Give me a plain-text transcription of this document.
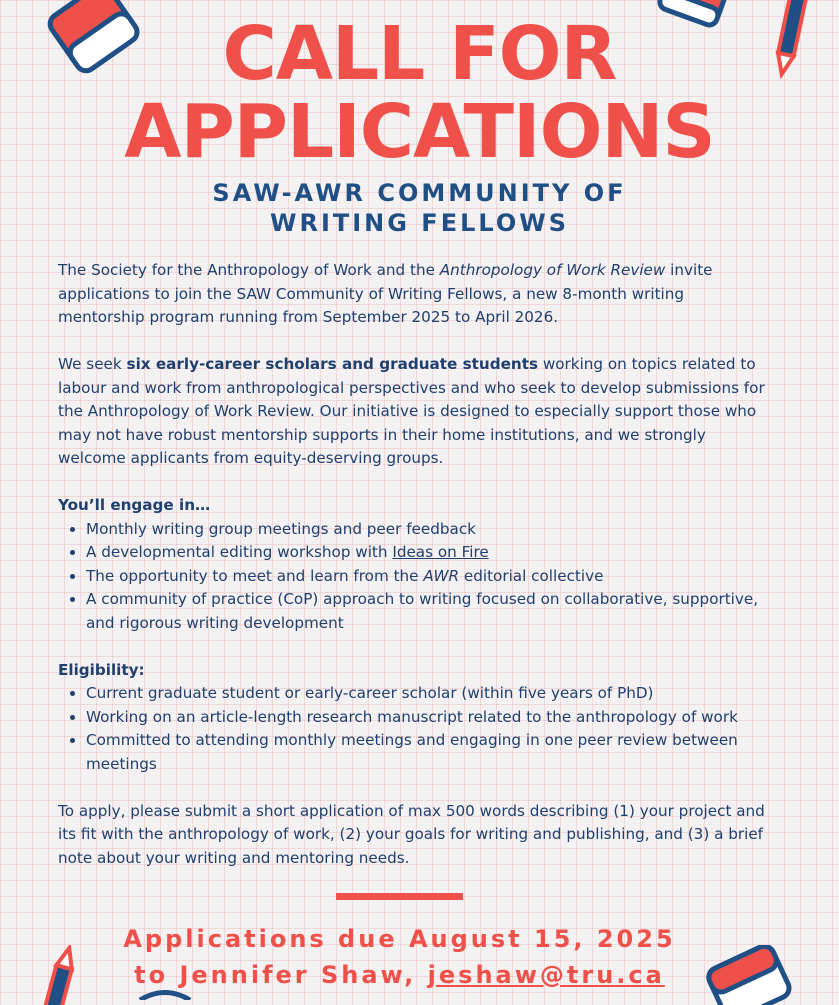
CALL FOR
APPLICATIONS
SAW-AWR COMMUNITY OF
WRITING FELLOWS

The Society for the Anthropology of Work and the Anthropology of Work Review invite applications to join the SAW Community of Writing Fellows, a new 8-month writing mentorship program running from September 2025 to April 2026.

We seek six early-career scholars and graduate students working on topics related to labour and work from anthropological perspectives and who seek to develop submissions for the Anthropology of Work Review. Our initiative is designed to especially support those who may not have robust mentorship supports in their home institutions, and we strongly welcome applicants from equity-deserving groups.

You’ll engage in…

• Monthly writing group meetings and peer feedback
• A developmental editing workshop with Ideas on Fire
• The opportunity to meet and learn from the AWR editorial collective
• A community of practice (CoP) approach to writing focused on collaborative, supportive, and rigorous writing development

Eligibility:

• Current graduate student or early-career scholar (within five years of PhD)
• Working on an article-length research manuscript related to the anthropology of work
• Committed to attending monthly meetings and engaging in one peer review between meetings

To apply, please submit a short application of max 500 words describing (1) your project and its fit with the anthropology of work, (2) your goals for writing and publishing, and (3) a brief note about your writing and mentoring needs.

Applications due August 15, 2025

to Jennifer Shaw, jeshaw@tru.ca
